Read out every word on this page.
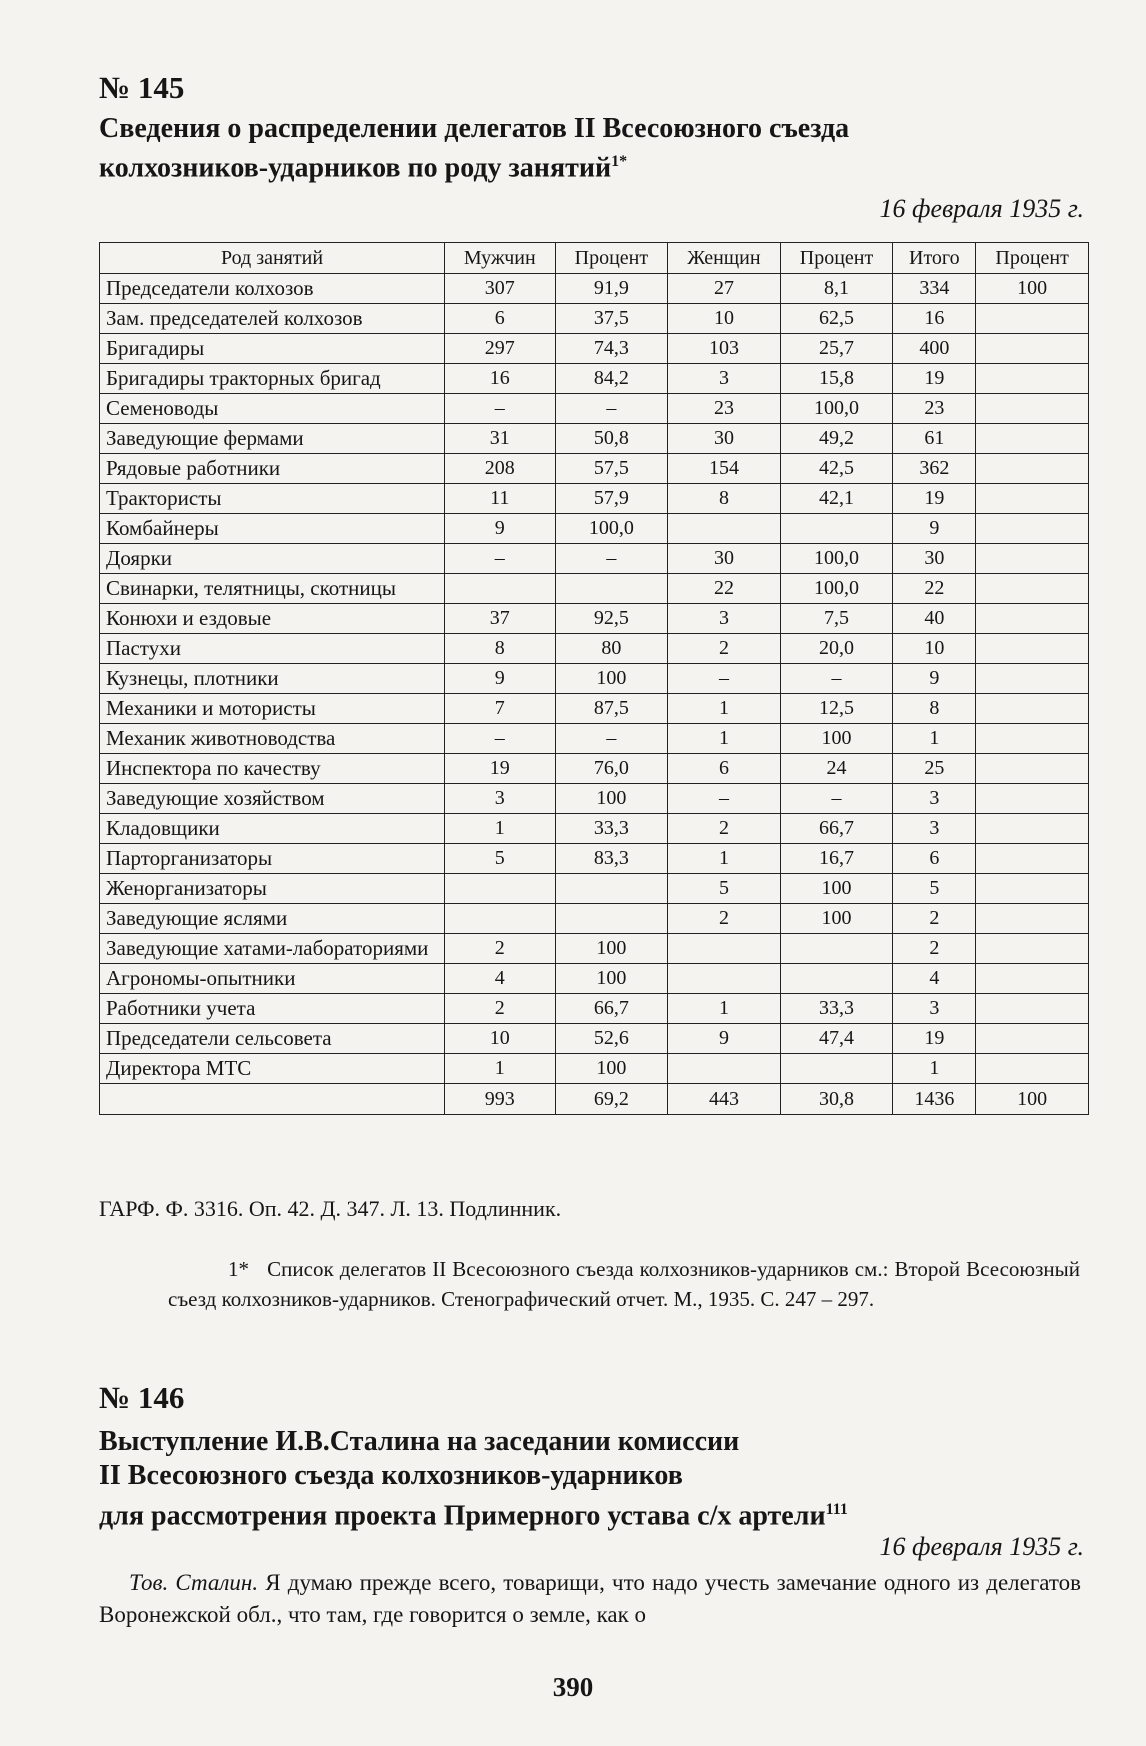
№ 145
Сведения о распределении делегатов II Всесоюзного съезда
колхозников-ударников по роду занятий$^{1*}$
16 февраля 1935 г.
Род занятий	Мужчин	Процент	Женщин	Процент	Итого	Процент
Председатели колхозов	307	91,9	27	8,1	334	100
Зам. председателей колхозов	6	37,5	10	62,5	16	
Бригадиры	297	74,3	103	25,7	400	
Бригадиры тракторных бригад	16	84,2	3	15,8	19	
Семеноводы	–	–	23	100,0	23	
Заведующие фермами	31	50,8	30	49,2	61	
Рядовые работники	208	57,5	154	42,5	362	
Трактористы	11	57,9	8	42,1	19	
Комбайнеры	9	100,0			9	
Доярки	–	–	30	100,0	30	
Свинарки, телятницы, скотницы			22	100,0	22	
Конюхи и ездовые	37	92,5	3	7,5	40	
Пастухи	8	80	2	20,0	10	
Кузнецы, плотники	9	100	–	–	9	
Механики и мотористы	7	87,5	1	12,5	8	
Механик животноводства	–	–	1	100	1	
Инспектора по качеству	19	76,0	6	24	25	
Заведующие хозяйством	3	100	–	–	3	
Кладовщики	1	33,3	2	66,7	3	
Парторганизаторы	5	83,3	1	16,7	6	
Женорганизаторы			5	100	5	
Заведующие яслями			2	100	2	
Заведующие хатами-лабораториями	2	100			2	
Агрономы-опытники	4	100			4	
Работники учета	2	66,7	1	33,3	3	
Председатели сельсовета	10	52,6	9	47,4	19	
Директора МТС	1	100			1	
	993	69,2	443	30,8	1436	100
ГАРФ. Ф. 3316. Оп. 42. Д. 347. Л. 13. Подлинник.
1* Список делегатов II Всесоюзного съезда колхозников-ударников см.: Второй Всесоюзный съезд колхозников-ударников. Стенографический отчет. М., 1935. С. 247 – 297.
№ 146
Выступление И.В.Сталина на заседании комиссии
II Всесоюзного съезда колхозников-ударников
для рассмотрения проекта Примерного устава с/х артели$^{111}$
16 февраля 1935 г.
Тов. Сталин. Я думаю прежде всего, товарищи, что надо учесть замечание одного из делегатов Воронежской обл., что там, где говорится о земле, как о
390
